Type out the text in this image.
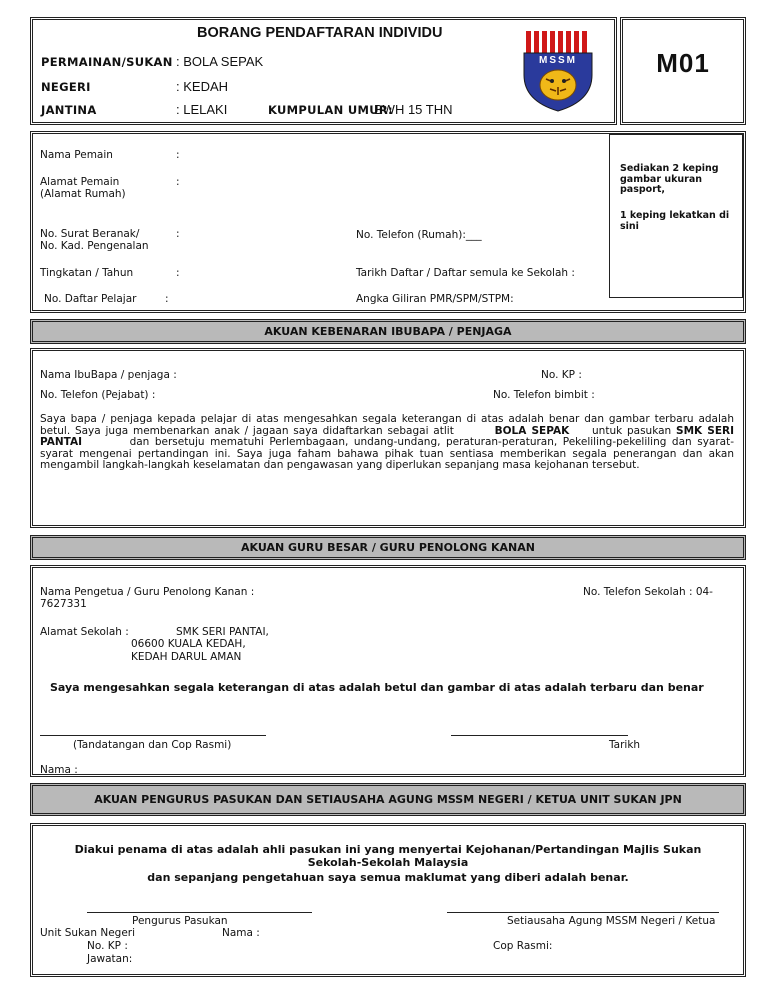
M01
BORANG PENDAFTARAN INDIVIDU
PERMAINAN/SUKAN : BOLA SEPAK
NEGERI	: KEDAH
JANTINA	: LELAKI	KUMPULAN UMUR:
BWH 15 THN
MSSM
Sediakan 2 keping gambar ukuran pasport,
1 keping lekatkan di sini
Nama Pemain	:
Alamat Pemain
(Alamat Rumah)
:
No. Surat Beranak/
No. Kad. Pengenalan
:	No. Telefon (Rumah):___
Tingkatan / Tahun	:	Tarikh Daftar / Daftar semula ke Sekolah :
No. Daftar Pelajar	:	Angka Giliran PMR/SPM/STPM:
AKUAN KEBENARAN IBUBAPA / PENJAGA
Nama IbuBapa / penjaga :	No. KP :
No. Telefon (Pejabat) :	No. Telefon bimbit :
Saya bapa / penjaga kepada pelajar di atas mengesahkan segala keterangan di atas adalah benar dan gambar terbaru adalah betul. Saya juga membenarkan anak / jagaan saya didaftarkan sebagai atlit	BOLA SEPAK untuk pasukan SMK SERI PANTAI	dan bersetuju mematuhi Perlembagaan, undang-undang, peraturan-peraturan, Pekeliling-pekeliling dan syarat-syarat mengenai pertandingan ini. Saya juga faham bahawa pihak tuan sentiasa memberikan segala penerangan dan akan mengambil langkah-langkah keselamatan dan pengawasan yang diperlukan sepanjang masa kejohanan tersebut.
AKUAN GURU BESAR / GURU PENOLONG KANAN
Nama Pengetua / Guru Penolong Kanan :	No. Telefon Sekolah : 04-
7627331
Alamat Sekolah :	SMK SERI PANTAI,
06600 KUALA KEDAH,
KEDAH DARUL AMAN
Saya mengesahkan segala keterangan di atas adalah betul dan gambar di atas adalah terbaru dan benar
(Tandatangan dan Cop Rasmi)	Tarikh
Nama :
AKUAN PENGURUS PASUKAN DAN SETIAUSAHA AGUNG MSSM NEGERI / KETUA UNIT SUKAN JPN
Diakui penama di atas adalah ahli pasukan ini yang menyertai Kejohanan/Pertandingan Majlis Sukan
Sekolah-Sekolah Malaysia
dan sepanjang pengetahuan saya semua maklumat yang diberi adalah benar.
Pengurus Pasukan	Setiausaha Agung MSSM Negeri / Ketua
Unit Sukan Negeri	Nama :
No. KP :	Cop Rasmi:
Jawatan:
